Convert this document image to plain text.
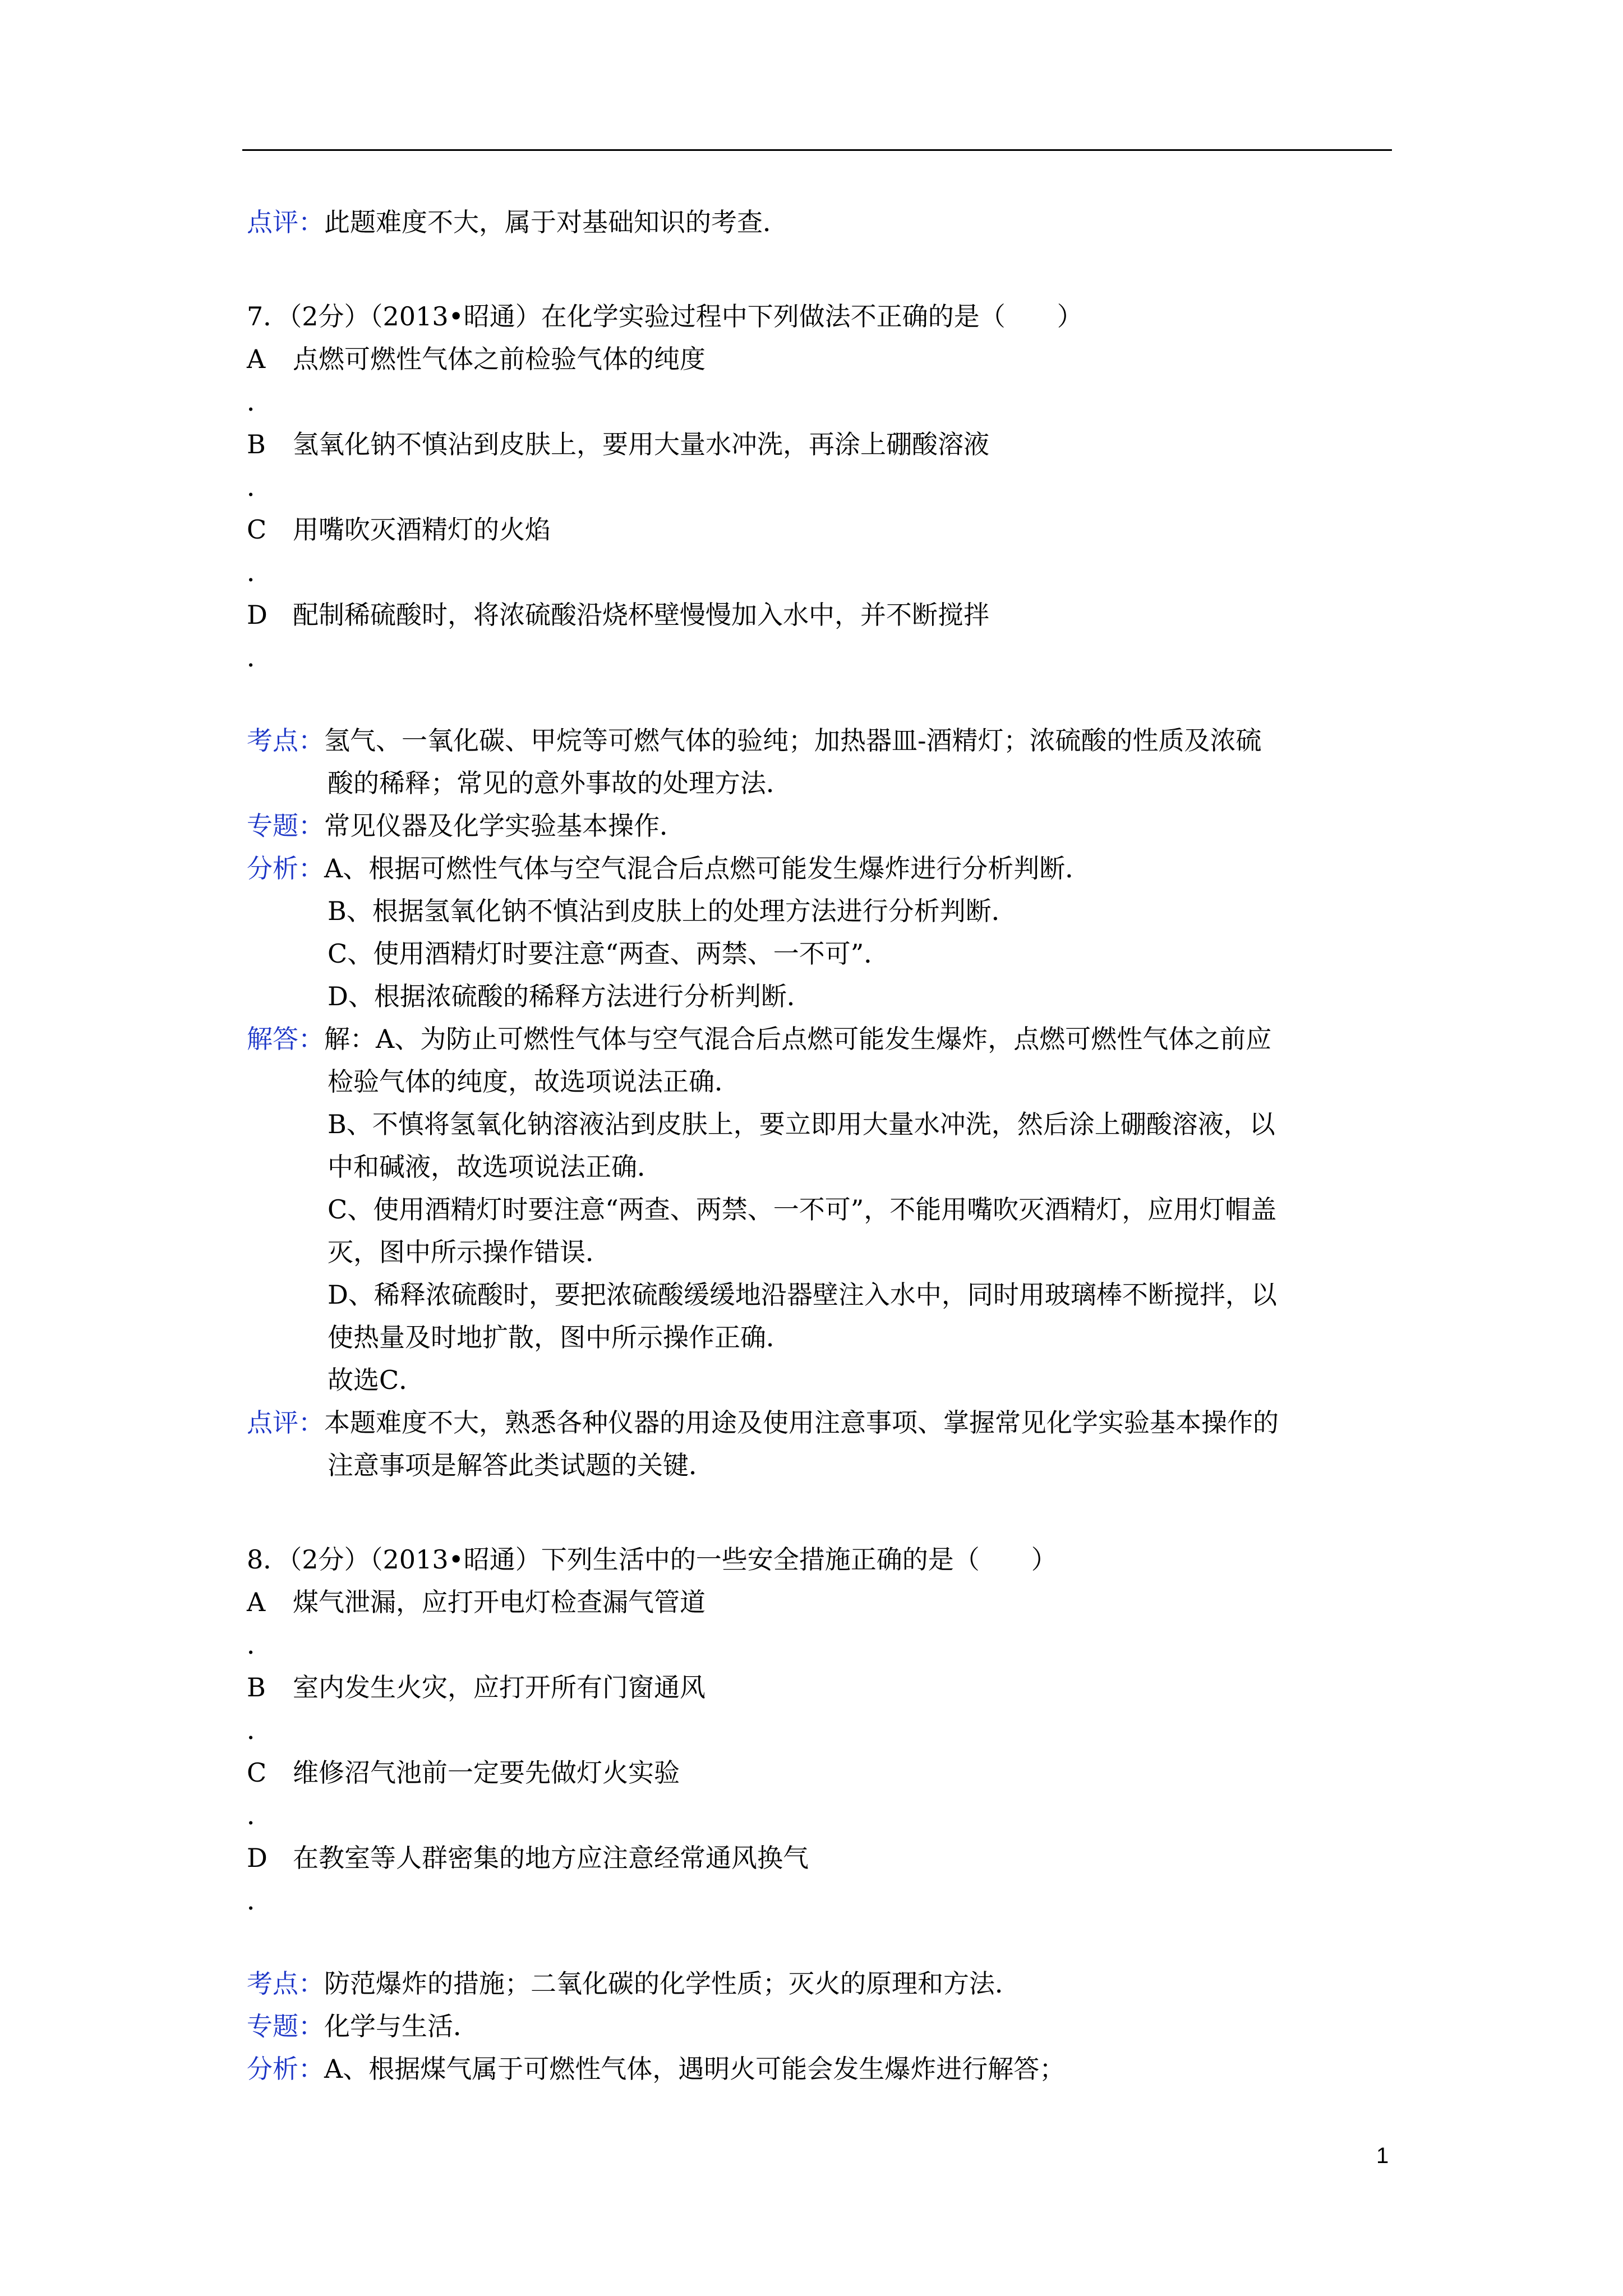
点评：此题难度不大，属于对基础知识的考查．
7．（2分）（2013•昭通）在化学实验过程中下列做法不正确的是（　　）
A 点燃可燃性气体之前检验气体的纯度
．
B 氢氧化钠不慎沾到皮肤上，要用大量水冲洗，再涂上硼酸溶液
．
C 用嘴吹灭酒精灯的火焰
．
D 配制稀硫酸时，将浓硫酸沿烧杯壁慢慢加入水中，并不断搅拌
．
考点：氢气、一氧化碳、甲烷等可燃气体的验纯；加热器皿-酒精灯；浓硫酸的性质及浓硫
酸的稀释；常见的意外事故的处理方法．
专题：常见仪器及化学实验基本操作．
分析：A、根据可燃性气体与空气混合后点燃可能发生爆炸进行分析判断．
B、根据氢氧化钠不慎沾到皮肤上的处理方法进行分析判断．
C、使用酒精灯时要注意“两查、两禁、一不可”．
D、根据浓硫酸的稀释方法进行分析判断．
解答：解：A、为防止可燃性气体与空气混合后点燃可能发生爆炸，点燃可燃性气体之前应
检验气体的纯度，故选项说法正确．
B、不慎将氢氧化钠溶液沾到皮肤上，要立即用大量水冲洗，然后涂上硼酸溶液，以
中和碱液，故选项说法正确．
C、使用酒精灯时要注意“两查、两禁、一不可”，不能用嘴吹灭酒精灯，应用灯帽盖
灭，图中所示操作错误．
D、稀释浓硫酸时，要把浓硫酸缓缓地沿器壁注入水中，同时用玻璃棒不断搅拌，以
使热量及时地扩散，图中所示操作正确．
故选C．
点评：本题难度不大，熟悉各种仪器的用途及使用注意事项、掌握常见化学实验基本操作的
注意事项是解答此类试题的关键．
8．（2分）（2013•昭通）下列生活中的一些安全措施正确的是（　　）
A 煤气泄漏，应打开电灯检查漏气管道
．
B 室内发生火灾，应打开所有门窗通风
．
C 维修沼气池前一定要先做灯火实验
．
D 在教室等人群密集的地方应注意经常通风换气
．
考点：防范爆炸的措施；二氧化碳的化学性质；灭火的原理和方法．
专题：化学与生活．
分析：A、根据煤气属于可燃性气体，遇明火可能会发生爆炸进行解答；
1
